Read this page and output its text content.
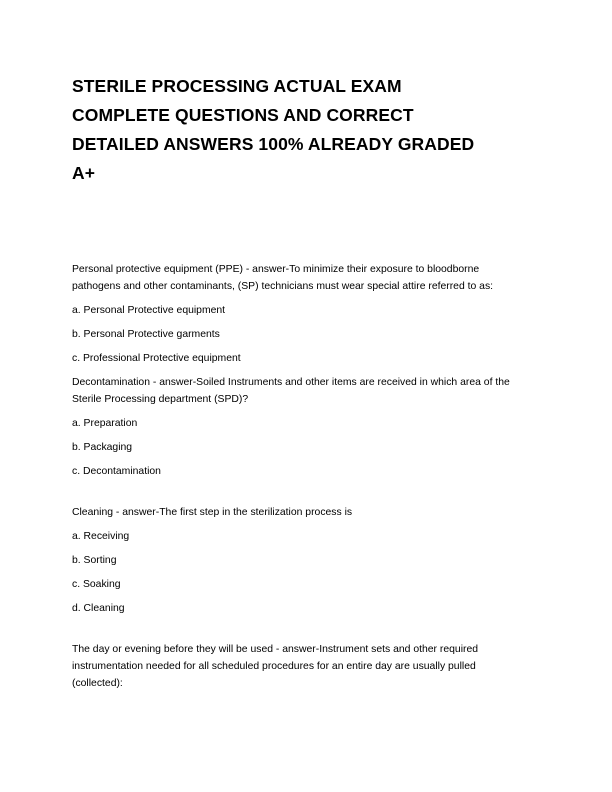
STERILE PROCESSING ACTUAL EXAM
COMPLETE QUESTIONS AND CORRECT
DETAILED ANSWERS 100% ALREADY GRADED
A+
Personal protective equipment (PPE) - answer-To minimize their exposure to bloodborne
pathogens and other contaminants, (SP) technicians must wear special attire referred to as:
a. Personal Protective equipment
b. Personal Protective garments
c. Professional Protective equipment
Decontamination - answer-Soiled Instruments and other items are received in which area of the
Sterile Processing department (SPD)?
a. Preparation
b. Packaging
c. Decontamination
Cleaning - answer-The first step in the sterilization process is
a. Receiving
b. Sorting
c. Soaking
d. Cleaning
The day or evening before they will be used - answer-Instrument sets and other required
instrumentation needed for all scheduled procedures for an entire day are usually pulled
(collected):
